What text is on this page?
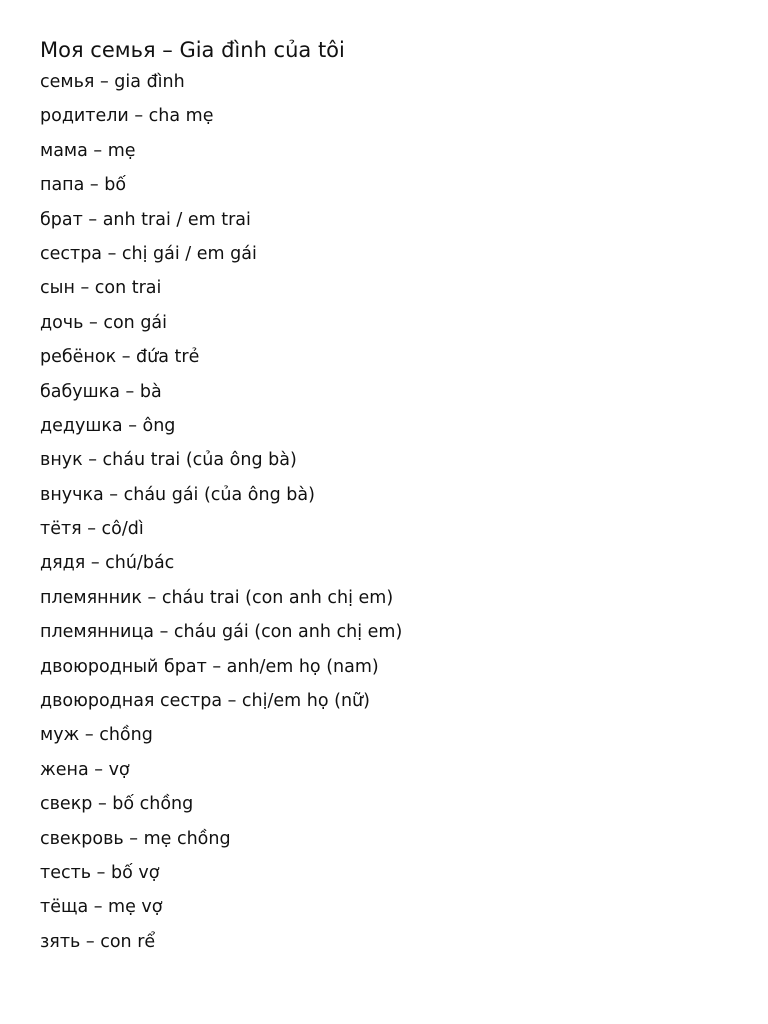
Моя семья – Gia đình của tôi
семья – gia đình
родители – cha mẹ
мама – mẹ
папа – bố
брат – anh trai / em trai
сестра – chị gái / em gái
сын – con trai
дочь – con gái
ребёнок – đứa trẻ
бабушка – bà
дедушка – ông
внук – cháu trai (của ông bà)
внучка – cháu gái (của ông bà)
тётя – cô/dì
дядя – chú/bác
племянник – cháu trai (con anh chị em)
племянница – cháu gái (con anh chị em)
двоюродный брат – anh/em họ (nam)
двоюродная сестра – chị/em họ (nữ)
муж – chồng
жена – vợ
свекр – bố chồng
свекровь – mẹ chồng
тесть – bố vợ
тёща – mẹ vợ
зять – con rể
